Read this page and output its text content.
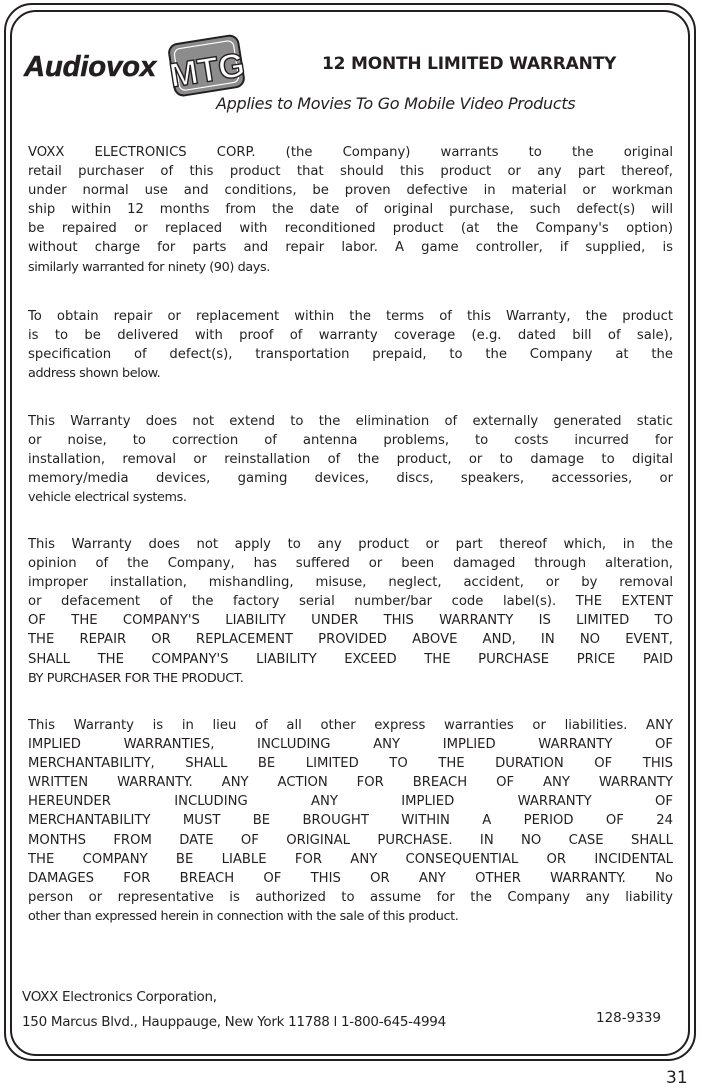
Audiovox MTG	12 MONTH LIMITED WARRANTY
Applies to Movies To Go Mobile Video Products
VOXX ELECTRONICS CORP. (the Company) warrants to the original
retail purchaser of this product that should this product or any part thereof,
under normal use and conditions, be proven defective in material or workman
ship within 12 months from the date of original purchase, such defect(s) will
be repaired or replaced with reconditioned product (at the Company's option)
without charge for parts and repair labor. A game controller, if supplied, is
similarly warranted for ninety (90) days.
To obtain repair or replacement within the terms of this Warranty, the product
is to be delivered with proof of warranty coverage (e.g. dated bill of sale),
specification of defect(s), transportation prepaid, to the Company at the
address shown below.
This Warranty does not extend to the elimination of externally generated static
or noise, to correction of antenna problems, to costs incurred for
installation, removal or reinstallation of the product, or to damage to digital
memory/media devices, gaming devices, discs, speakers, accessories, or
vehicle electrical systems.
This Warranty does not apply to any product or part thereof which, in the
opinion of the Company, has suffered or been damaged through alteration,
improper installation, mishandling, misuse, neglect, accident, or by removal
or defacement of the factory serial number/bar code label(s). THE EXTENT
OF THE COMPANY'S LIABILITY UNDER THIS WARRANTY IS LIMITED TO
THE REPAIR OR REPLACEMENT PROVIDED ABOVE AND, IN NO EVENT,
SHALL THE COMPANY'S LIABILITY EXCEED THE PURCHASE PRICE PAID
BY PURCHASER FOR THE PRODUCT.
This Warranty is in lieu of all other express warranties or liabilities. ANY
IMPLIED WARRANTIES, INCLUDING ANY IMPLIED WARRANTY OF
MERCHANTABILITY, SHALL BE LIMITED TO THE DURATION OF THIS
WRITTEN WARRANTY. ANY ACTION FOR BREACH OF ANY WARRANTY
HEREUNDER INCLUDING ANY IMPLIED WARRANTY OF
MERCHANTABILITY MUST BE BROUGHT WITHIN A PERIOD OF 24
MONTHS FROM DATE OF ORIGINAL PURCHASE. IN NO CASE SHALL
THE COMPANY BE LIABLE FOR ANY CONSEQUENTIAL OR INCIDENTAL
DAMAGES FOR BREACH OF THIS OR ANY OTHER WARRANTY. No
person or representative is authorized to assume for the Company any liability
other than expressed herein in connection with the sale of this product.
VOXX Electronics Corporation,
150 Marcus Blvd., Hauppauge, New York 11788 l 1-800-645-4994	128-9339
31
